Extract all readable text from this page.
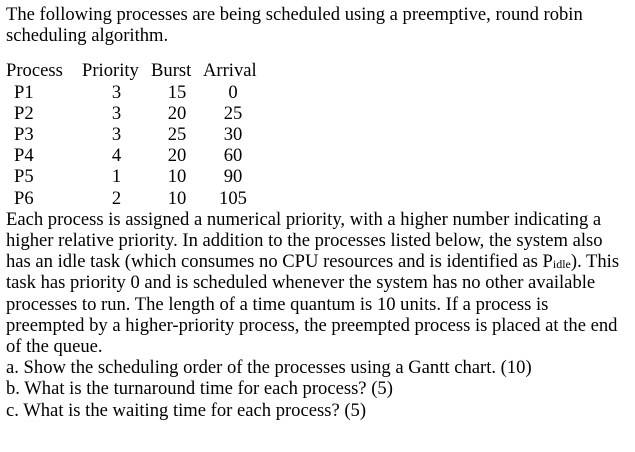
The following processes are being scheduled using a preemptive, round robin scheduling algorithm.

Process	Priority	Burst	Arrival
P1	3	15	0
P2	3	20	25
P3	3	25	30
P4	4	20	60
P5	1	10	90
P6	2	10	105

Each process is assigned a numerical priority, with a higher number indicating a higher relative priority. In addition to the processes listed below, the system also has an idle task (which consumes no CPU resources and is identified as $P_{idle}$). This task has priority 0 and is scheduled whenever the system has no other available processes to run. The length of a time quantum is 10 units. If a process is preempted by a higher-priority process, the preempted process is placed at the end of the queue.

a. Show the scheduling order of the processes using a Gantt chart. (10)

b. What is the turnaround time for each process? (5)

c. What is the waiting time for each process? (5)
